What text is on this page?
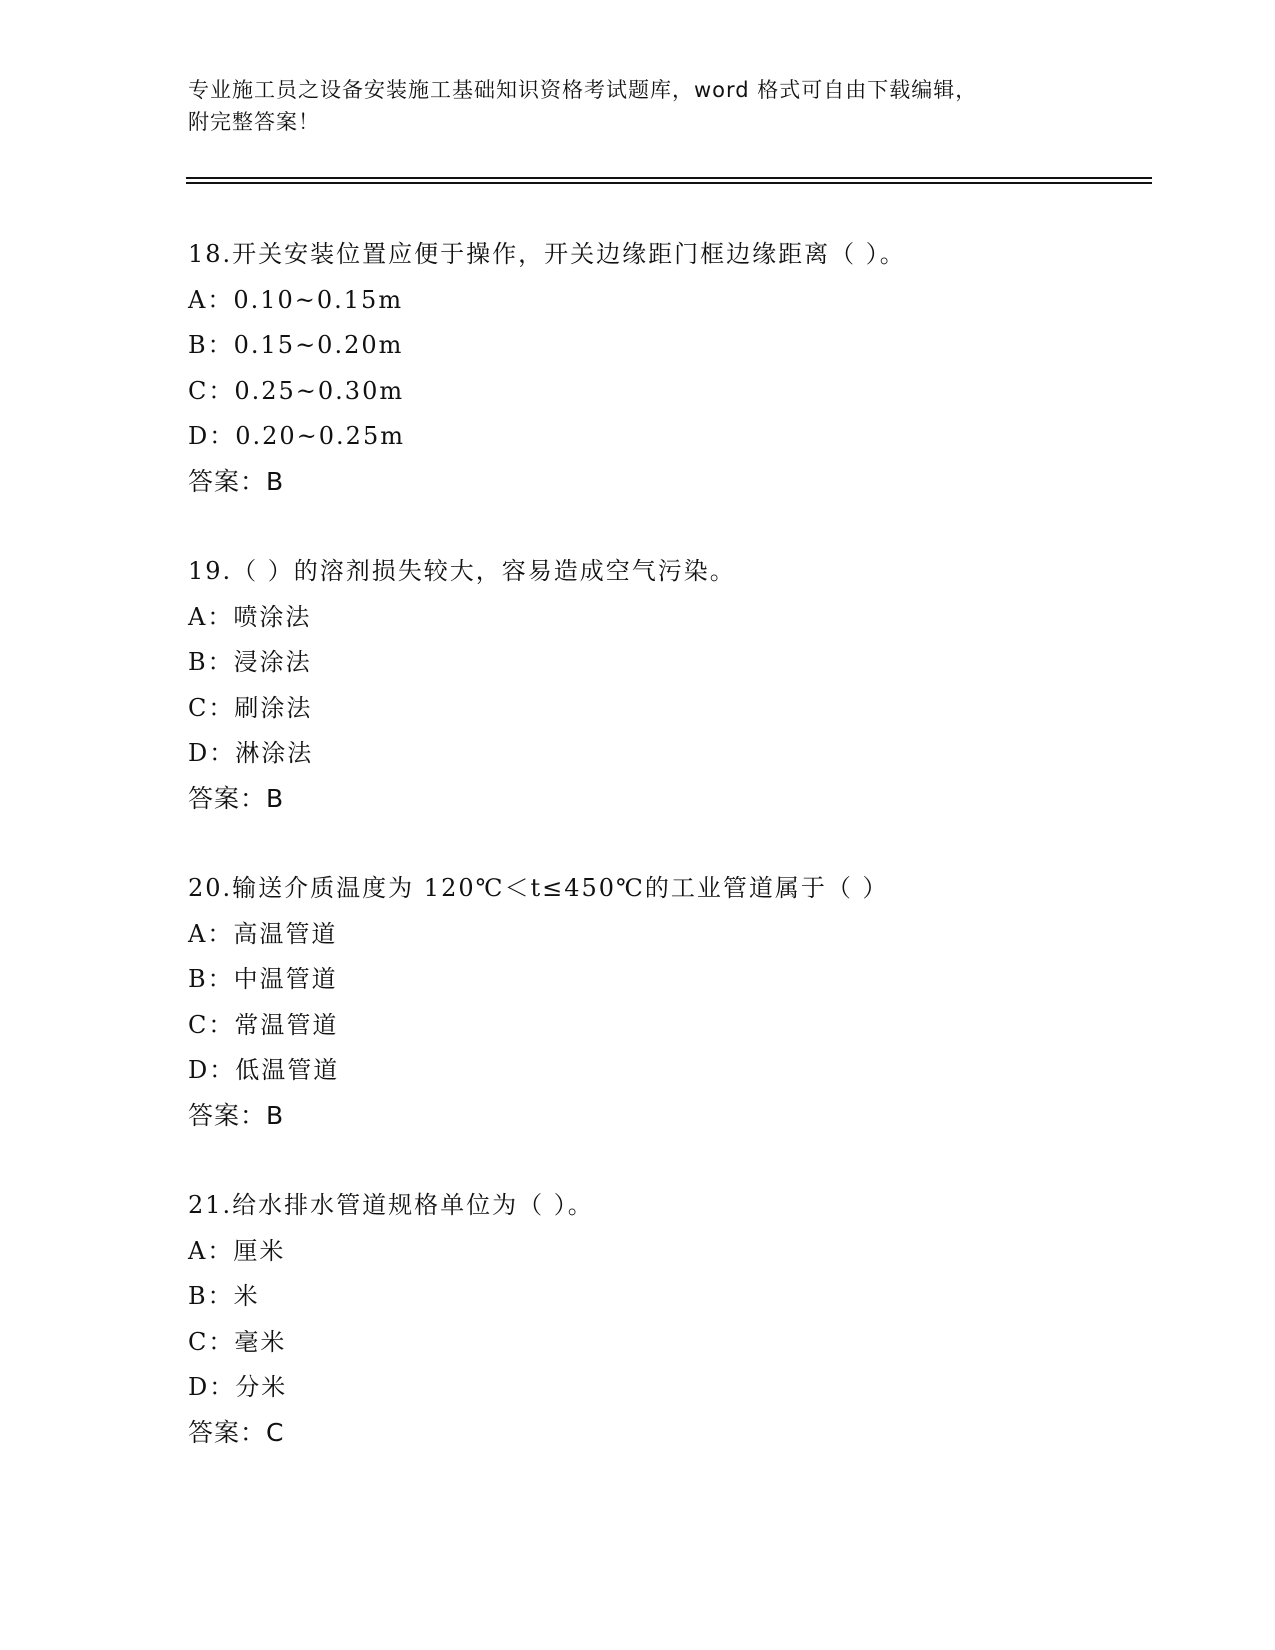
专业施工员之设备安装施工基础知识资格考试题库，word 格式可自由下载编辑，
附完整答案！
18.开关安装位置应便于操作，开关边缘距门框边缘距离（ ）。
A：0.10~0.15m
B：0.15~0.20m
C：0.25~0.30m
D：0.20~0.25m
答案：B
19.（ ）的溶剂损失较大，容易造成空气污染。
A：喷涂法
B：浸涂法
C：刷涂法
D：淋涂法
答案：B
20.输送介质温度为 120℃＜t≤450℃的工业管道属于（ ）
A：高温管道
B：中温管道
C：常温管道
D：低温管道
答案：B
21.给水排水管道规格单位为（ ）。
A：厘米
B：米
C：毫米
D：分米
答案：C
